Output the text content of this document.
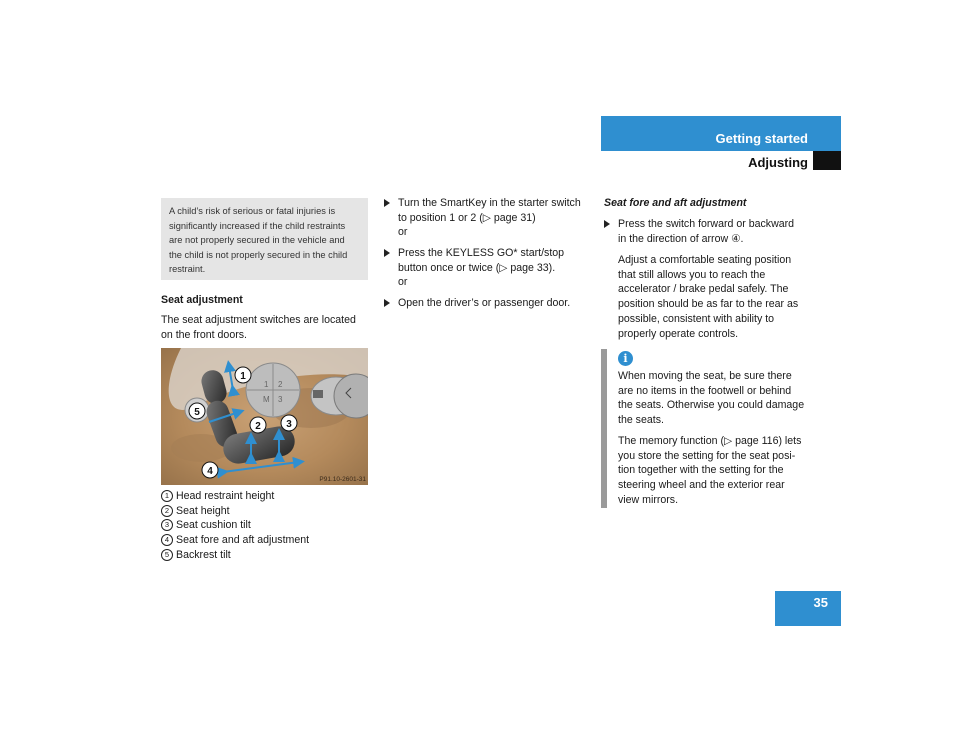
Getting started
Adjusting

A child’s risk of serious or fatal injuries is
significantly increased if the child restraints
are not properly secured in the vehicle and
the child is not properly secured in the child
restraint.

Seat adjustment
The seat adjustment switches are located
on the front doors.
1 2
M 3
1
2	3
4
5
P91.10-2601-31
1 Head restraint height
2 Seat height
3 Seat cushion tilt
4 Seat fore and aft adjustment
5 Backrest tilt
Turn the SmartKey in the starter switch
to position 1 or 2 (▷ page 31)
or
Press the KEYLESS GO* start/stop
button once or twice (▷ page 33).
or
Open the driver’s or passenger door.
Seat fore and aft adjustment
Press the switch forward or backward
in the direction of arrow ④.
Adjust a comfortable seating position
that still allows you to reach the
accelerator / brake pedal safely. The
position should be as far to the rear as
possible, consistent with ability to
properly operate controls.
i
When moving the seat, be sure there
are no items in the footwell or behind
the seats. Otherwise you could damage
the seats.
The memory function (▷ page 116) lets
you store the setting for the seat posi-
tion together with the setting for the
steering wheel and the exterior rear
view mirrors.
35
